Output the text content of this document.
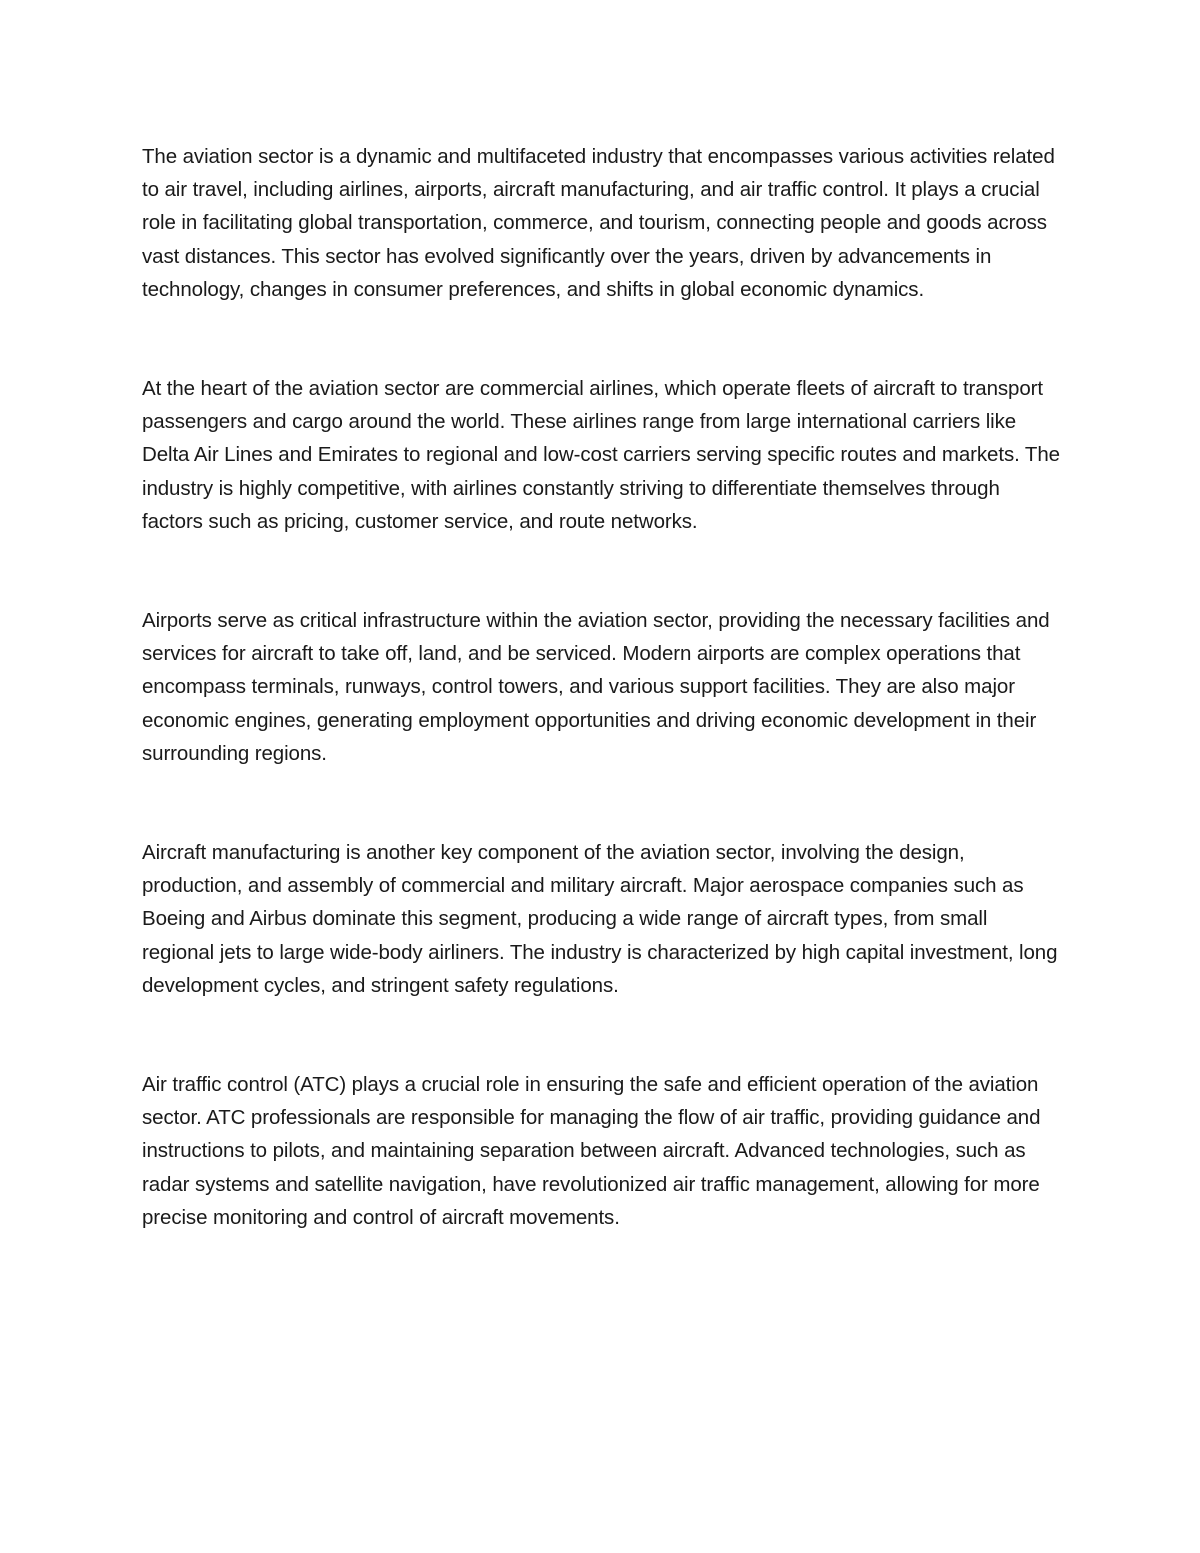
The aviation sector is a dynamic and multifaceted industry that encompasses various activities related to air travel, including airlines, airports, aircraft manufacturing, and air traffic control. It plays a crucial role in facilitating global transportation, commerce, and tourism, connecting people and goods across vast distances. This sector has evolved significantly over the years, driven by advancements in technology, changes in consumer preferences, and shifts in global economic dynamics.

At the heart of the aviation sector are commercial airlines, which operate fleets of aircraft to transport passengers and cargo around the world. These airlines range from large international carriers like Delta Air Lines and Emirates to regional and low-cost carriers serving specific routes and markets. The industry is highly competitive, with airlines constantly striving to differentiate themselves through factors such as pricing, customer service, and route networks.

Airports serve as critical infrastructure within the aviation sector, providing the necessary facilities and services for aircraft to take off, land, and be serviced. Modern airports are complex operations that encompass terminals, runways, control towers, and various support facilities. They are also major economic engines, generating employment opportunities and driving economic development in their surrounding regions.

Aircraft manufacturing is another key component of the aviation sector, involving the design, production, and assembly of commercial and military aircraft. Major aerospace companies such as Boeing and Airbus dominate this segment, producing a wide range of aircraft types, from small regional jets to large wide-body airliners. The industry is characterized by high capital investment, long development cycles, and stringent safety regulations.

Air traffic control (ATC) plays a crucial role in ensuring the safe and efficient operation of the aviation sector. ATC professionals are responsible for managing the flow of air traffic, providing guidance and instructions to pilots, and maintaining separation between aircraft. Advanced technologies, such as radar systems and satellite navigation, have revolutionized air traffic management, allowing for more precise monitoring and control of aircraft movements.
